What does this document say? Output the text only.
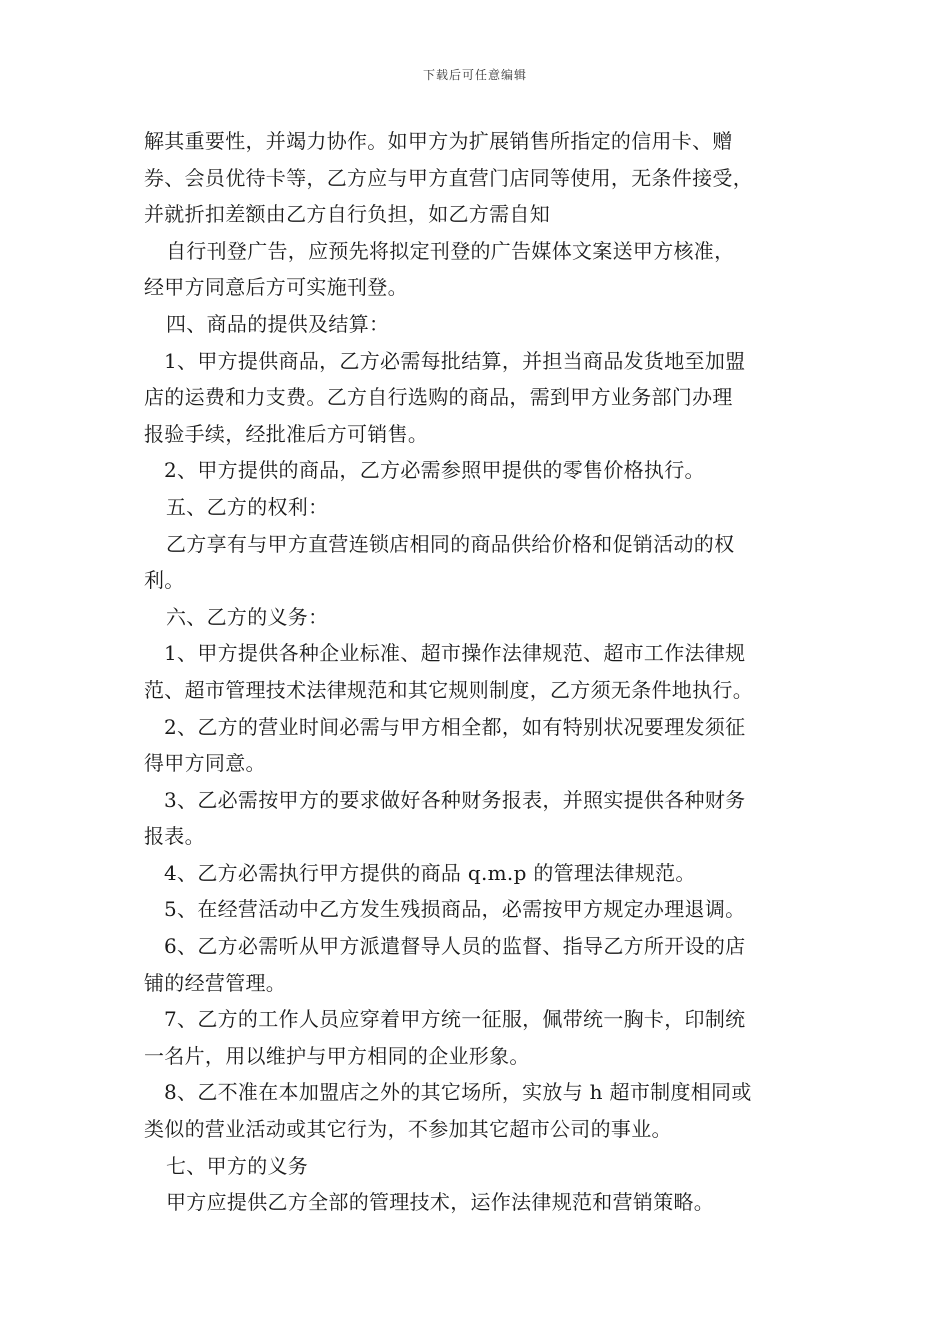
下载后可任意编辑
解其重要性，并竭力协作。如甲方为扩展销售所指定的信用卡、赠
券、会员优待卡等，乙方应与甲方直营门店同等使用，无条件接受，
并就折扣差额由乙方自行负担，如乙方需自知
自行刊登广告，应预先将拟定刊登的广告媒体文案送甲方核准，
经甲方同意后方可实施刊登。
四、商品的提供及结算：
1、甲方提供商品，乙方必需每批结算，并担当商品发货地至加盟
店的运费和力支费。乙方自行选购的商品，需到甲方业务部门办理
报验手续，经批准后方可销售。
2、甲方提供的商品，乙方必需参照甲提供的零售价格执行。
五、乙方的权利：
乙方享有与甲方直营连锁店相同的商品供给价格和促销活动的权
利。
六、乙方的义务：
1、甲方提供各种企业标准、超市操作法律规范、超市工作法律规
范、超市管理技术法律规范和其它规则制度，乙方须无条件地执行。
2、乙方的营业时间必需与甲方相全都，如有特别状况要理发须征
得甲方同意。
3、乙必需按甲方的要求做好各种财务报表，并照实提供各种财务
报表。
4、乙方必需执行甲方提供的商品 q.m.p 的管理法律规范。
5、在经营活动中乙方发生残损商品，必需按甲方规定办理退调。
6、乙方必需听从甲方派遣督导人员的监督、指导乙方所开设的店
铺的经营管理。
7、乙方的工作人员应穿着甲方统一征服，佩带统一胸卡，印制统
一名片，用以维护与甲方相同的企业形象。
8、乙不准在本加盟店之外的其它场所，实放与 h 超市制度相同或
类似的营业活动或其它行为，不参加其它超市公司的事业。
七、甲方的义务
甲方应提供乙方全部的管理技术，运作法律规范和营销策略。
